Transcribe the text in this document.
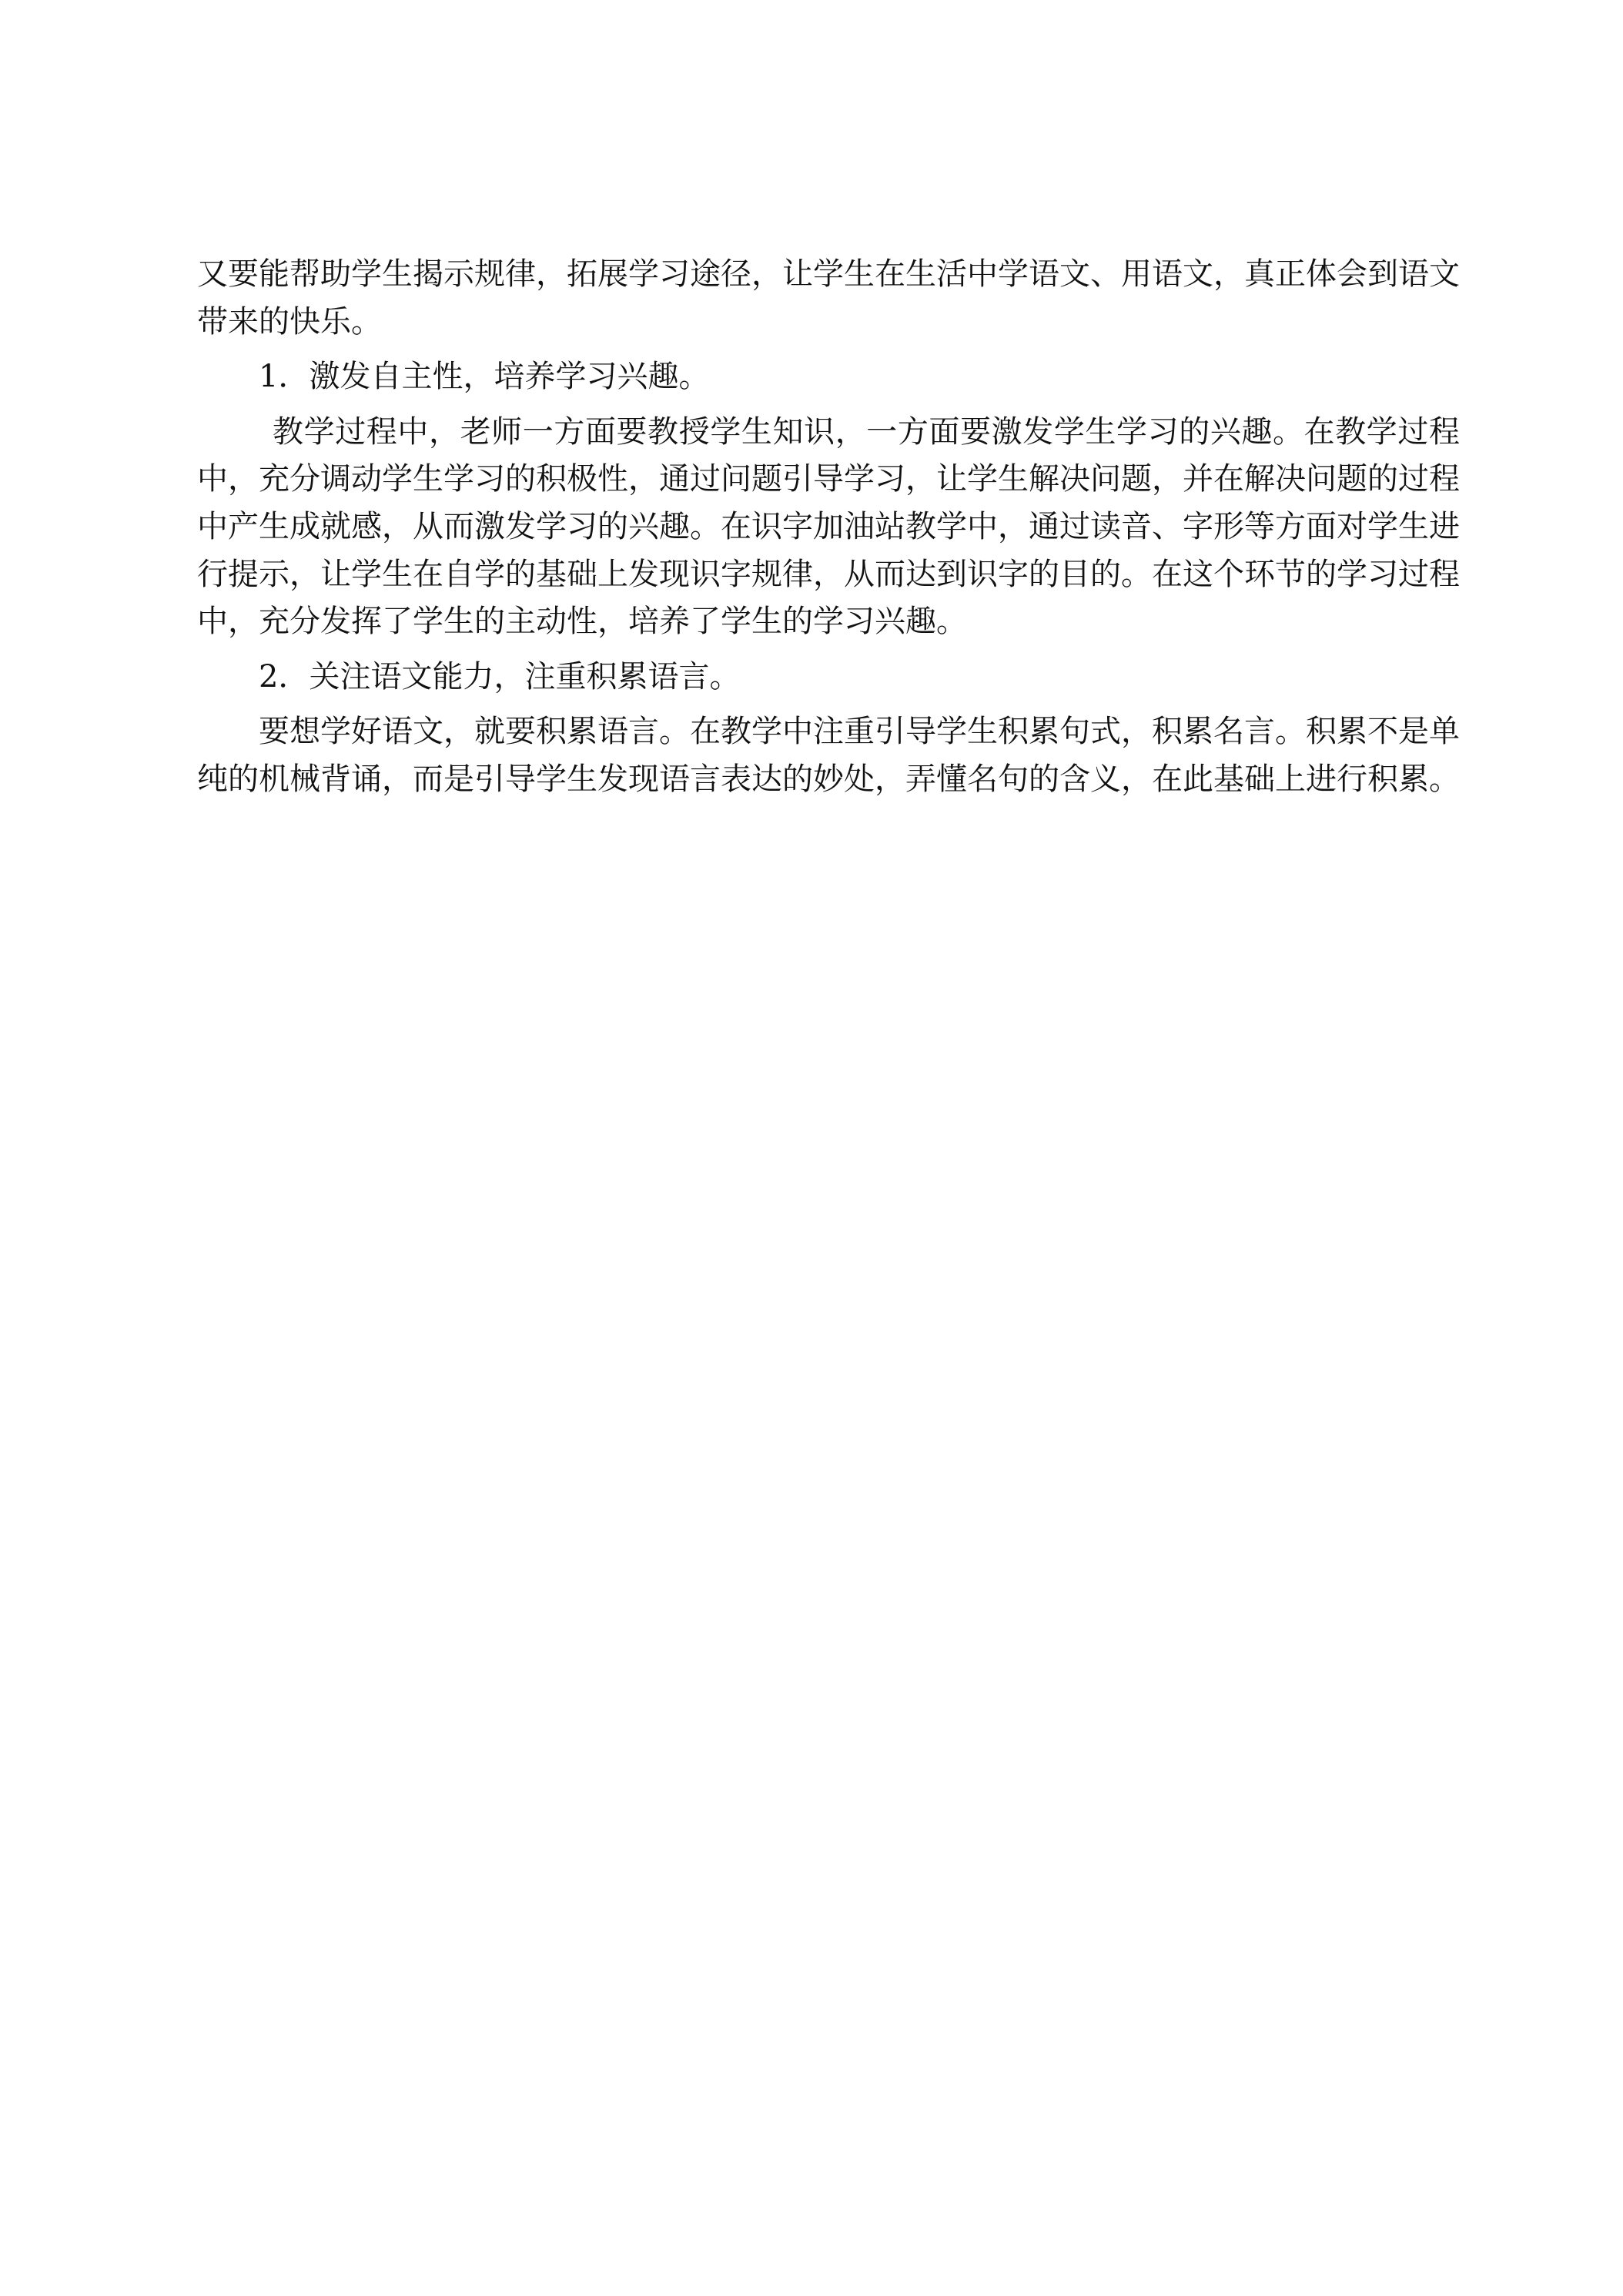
又要能帮助学生揭示规律，拓展学习途径，让学生在生活中学语文、用语文，真正体会到语文带来的快乐。

1．激发自主性，培养学习兴趣。

教学过程中，老师一方面要教授学生知识，一方面要激发学生学习的兴趣。在教学过程中，充分调动学生学习的积极性，通过问题引导学习，让学生解决问题，并在解决问题的过程中产生成就感，从而激发学习的兴趣。在识字加油站教学中，通过读音、字形等方面对学生进行提示，让学生在自学的基础上发现识字规律，从而达到识字的目的。在这个环节的学习过程中，充分发挥了学生的主动性，培养了学生的学习兴趣。

2．关注语文能力，注重积累语言。

要想学好语文，就要积累语言。在教学中注重引导学生积累句式，积累名言。积累不是单纯的机械背诵，而是引导学生发现语言表达的妙处，弄懂名句的含义，在此基础上进行积累。
